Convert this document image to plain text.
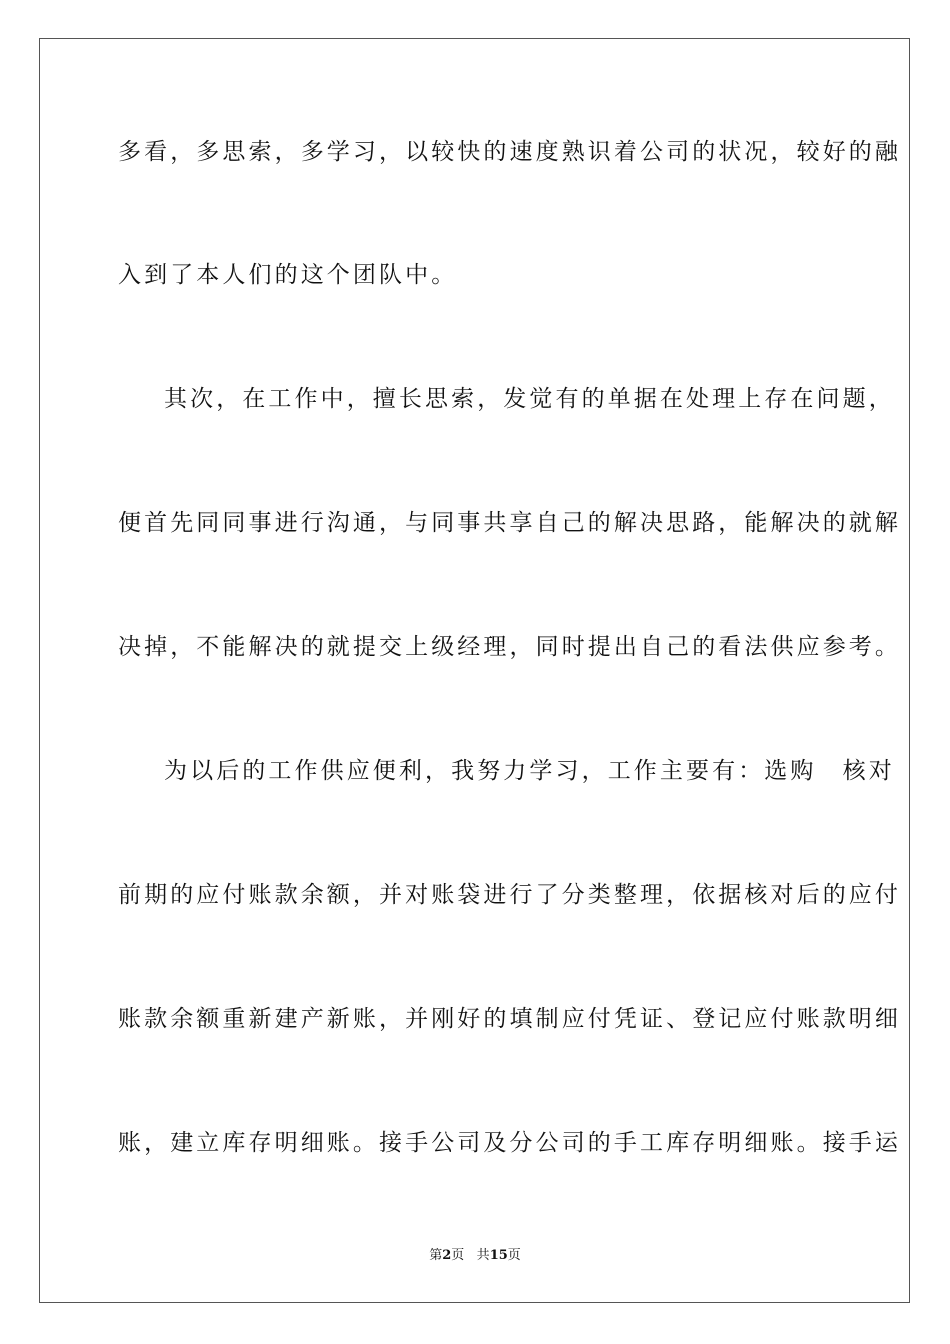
多看，多思索，多学习，以较快的速度熟识着公司的状况，较好的融
入到了本人们的这个团队中。
其次，在工作中，擅长思索，发觉有的单据在处理上存在问题，
便首先同同事进行沟通，与同事共享自己的解决思路，能解决的就解
决掉，不能解决的就提交上级经理，同时提出自己的看法供应参考。
为以后的工作供应便利，我努力学习，工作主要有：选购　核对
前期的应付账款余额，并对账袋进行了分类整理，依据核对后的应付
账款余额重新建产新账，并刚好的填制应付凭证、登记应付账款明细
账，建立库存明细账。接手公司及分公司的手工库存明细账。接手运
第2页 共15页
